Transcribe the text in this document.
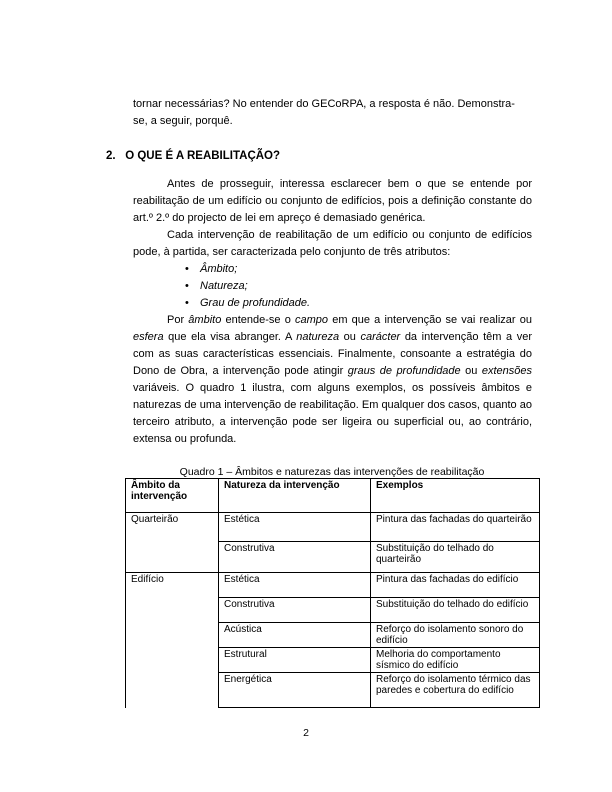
tornar necessárias? No entender do GECoRPA, a resposta é não. Demonstra-
se, a seguir, porquê.

2. O QUE É A REABILITAÇÃO?

Antes de prosseguir, interessa esclarecer bem o que se entende por reabilitação de um edifício ou conjunto de edifícios, pois a definição constante do art.º 2.º do projecto de lei em apreço é demasiado genérica.

Cada intervenção de reabilitação de um edifício ou conjunto de edifícios pode, à partida, ser caracterizada pelo conjunto de três atributos:

• Âmbito;
• Natureza;
• Grau de profundidade.

Por âmbito entende-se o campo em que a intervenção se vai realizar ou esfera que ela visa abranger. A natureza ou carácter da intervenção têm a ver com as suas características essenciais. Finalmente, consoante a estratégia do Dono de Obra, a intervenção pode atingir graus de profundidade ou extensões variáveis. O quadro 1 ilustra, com alguns exemplos, os possíveis âmbitos e naturezas de uma intervenção de reabilitação. Em qualquer dos casos, quanto ao terceiro atributo, a intervenção pode ser ligeira ou superficial ou, ao contrário, extensa ou profunda.

Quadro 1 – Âmbitos e naturezas das intervenções de reabilitação

Âmbito da intervenção	Natureza da intervenção	Exemplos
Quarteirão	Estética	Pintura das fachadas do quarteirão
	Construtiva	Substituição do telhado do quarteirão
Edifício	Estética	Pintura das fachadas do edifício
	Construtiva	Substituição do telhado do edifício
	Acústica	Reforço do isolamento sonoro do edifício
	Estrutural	Melhoria do comportamento sísmico do edifício
	Energética	Reforço do isolamento térmico das paredes e cobertura do edifício

2
